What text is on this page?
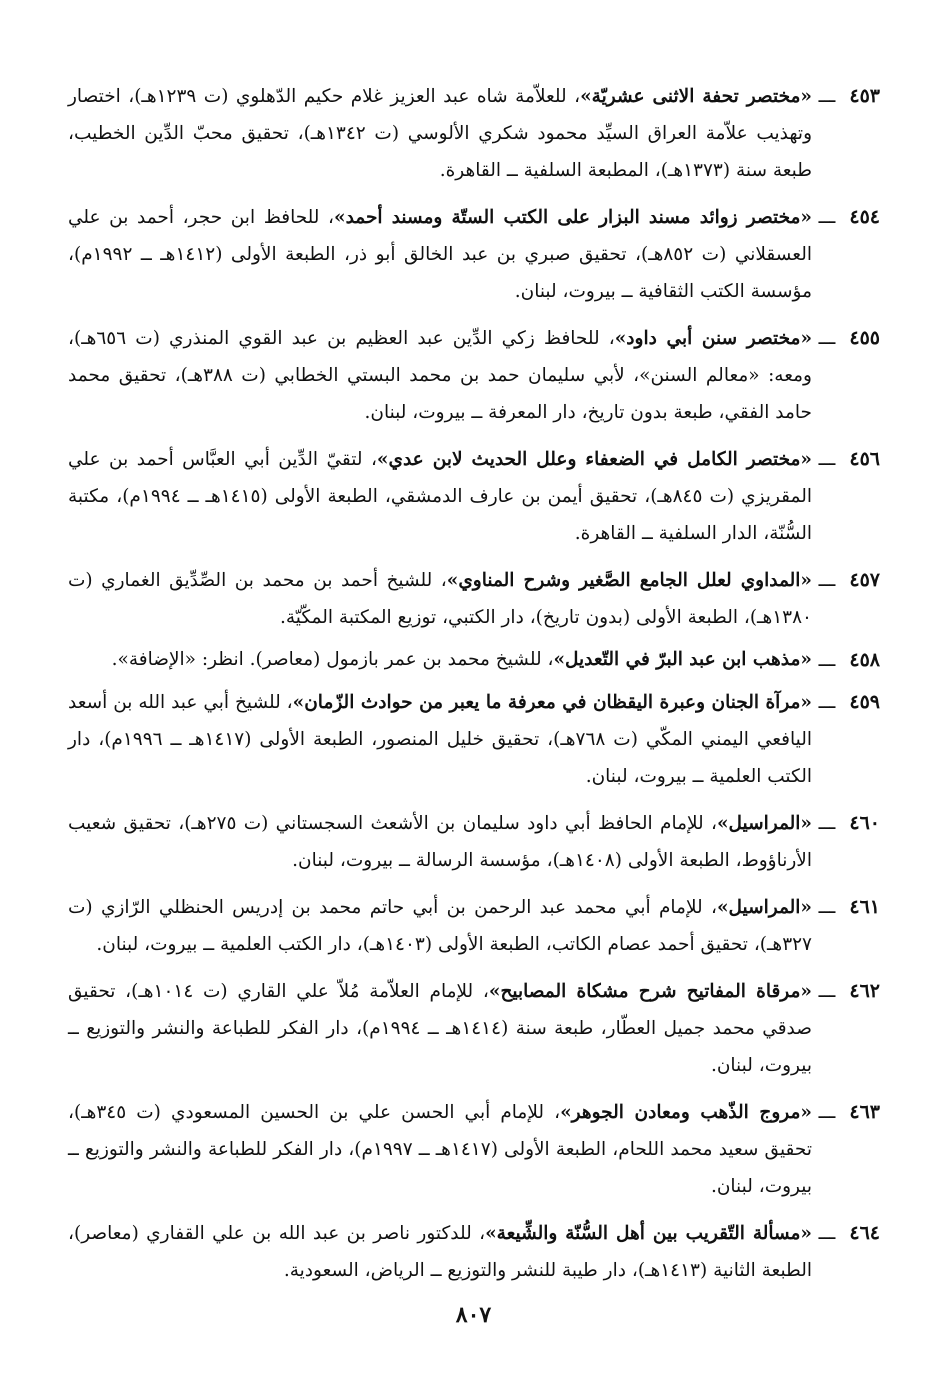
٤٥٣
ـــ
«مختصر تحفة الاثنى عشريّة»، للعلاّمة شاه عبد العزيز غلام حكيم الدّهلوي (ت ١٢٣٩هـ)، اختصار وتهذيب علاّمة العراق السيِّد محمود شكري الألوسي (ت ١٣٤٢هـ)، تحقيق محبّ الدِّين الخطيب، طبعة سنة (١٣٧٣هـ)، المطبعة السلفية ــ القاهرة.
٤٥٤
ـــ
«مختصر زوائد مسند البزار على الكتب الستّة ومسند أحمد»، للحافظ ابن حجر، أحمد بن علي العسقلاني (ت ٨٥٢هـ)، تحقيق صبري بن عبد الخالق أبو ذر، الطبعة الأولى (١٤١٢هـ ــ ١٩٩٢م)، مؤسسة الكتب الثقافية ــ بيروت، لبنان.
٤٥٥
ـــ
«مختصر سنن أبي داود»، للحافظ زكي الدِّين عبد العظيم بن عبد القوي المنذري (ت ٦٥٦هـ)، ومعه: «معالم السنن»، لأبي سليمان حمد بن محمد البستي الخطابي (ت ٣٨٨هـ)، تحقيق محمد حامد الفقي، طبعة بدون تاريخ، دار المعرفة ــ بيروت، لبنان.
٤٥٦
ـــ
«مختصر الكامل في الضعفاء وعلل الحديث لابن عدي»، لتقيّ الدِّين أبي العبَّاس أحمد بن علي المقريزي (ت ٨٤٥هـ)، تحقيق أيمن بن عارف الدمشقي، الطبعة الأولى (١٤١٥هـ ــ ١٩٩٤م)، مكتبة السُّنّة، الدار السلفية ــ القاهرة.
٤٥٧
ـــ
«المداوي لعلل الجامع الصَّغير وشرح المناوي»، للشيخ أحمد بن محمد بن الصِّدِّيق الغماري (ت ١٣٨٠هـ)، الطبعة الأولى (بدون تاريخ)، دار الكتبي، توزيع المكتبة المكّيّة.
٤٥٨
ـــ
«مذهب ابن عبد البرّ في التّعديل»، للشيخ محمد بن عمر بازمول (معاصر). انظر: «الإضافة».
٤٥٩
ـــ
«مرآة الجنان وعبرة اليقظان في معرفة ما يعبر من حوادث الزّمان»، للشيخ أبي عبد الله بن أسعد اليافعي اليمني المكّي (ت ٧٦٨هـ)، تحقيق خليل المنصور، الطبعة الأولى (١٤١٧هـ ــ ١٩٩٦م)، دار الكتب العلمية ــ بيروت، لبنان.
٤٦٠
ـــ
«المراسيل»، للإمام الحافظ أبي داود سليمان بن الأشعث السجستاني (ت ٢٧٥هـ)، تحقيق شعيب الأرناؤوط، الطبعة الأولى (١٤٠٨هـ)، مؤسسة الرسالة ــ بيروت، لبنان.
٤٦١
ـــ
«المراسيل»، للإمام أبي محمد عبد الرحمن بن أبي حاتم محمد بن إدريس الحنظلي الرّازي (ت ٣٢٧هـ)، تحقيق أحمد عصام الكاتب، الطبعة الأولى (١٤٠٣هـ)، دار الكتب العلمية ــ بيروت، لبنان.
٤٦٢
ـــ
«مرقاة المفاتيح شرح مشكاة المصابيح»، للإمام العلاّمة مُلاّ علي القاري (ت ١٠١٤هـ)، تحقيق صدقي محمد جميل العطّار، طبعة سنة (١٤١٤هـ ــ ١٩٩٤م)، دار الفكر للطباعة والنشر والتوزيع ــ بيروت، لبنان.
٤٦٣
ـــ
«مروج الذّهب ومعادن الجوهر»، للإمام أبي الحسن علي بن الحسين المسعودي (ت ٣٤٥هـ)، تحقيق سعيد محمد اللحام، الطبعة الأولى (١٤١٧هـ ــ ١٩٩٧م)، دار الفكر للطباعة والنشر والتوزيع ــ بيروت، لبنان.
٤٦٤
ـــ
«مسألة التّقريب بين أهل السُّنّة والشِّيعة»، للدكتور ناصر بن عبد الله بن علي القفاري (معاصر)، الطبعة الثانية (١٤١٣هـ)، دار طيبة للنشر والتوزيع ــ الرياض، السعودية.
٨٠٧
